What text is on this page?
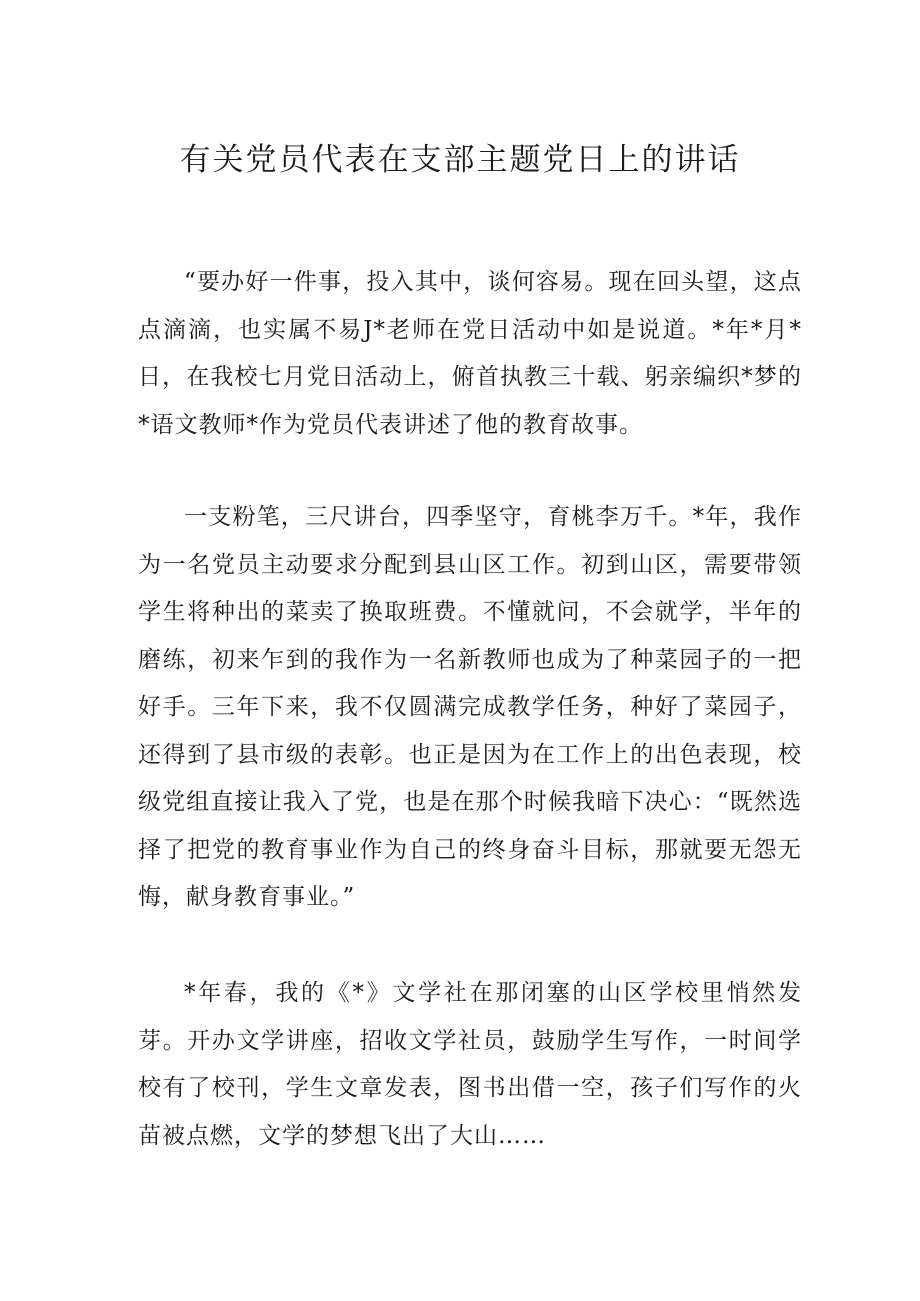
有关党员代表在支部主题党日上的讲话

“要办好一件事，投入其中，谈何容易。现在回头望，这点点滴滴，也实属不易J*老师在党日活动中如是说道。*年*月*日，在我校七月党日活动上，俯首执教三十载、躬亲编织*梦的*语文教师*作为党员代表讲述了他的教育故事。

一支粉笔，三尺讲台，四季坚守，育桃李万千。*年，我作为一名党员主动要求分配到县山区工作。初到山区，需要带领学生将种出的菜卖了换取班费。不懂就问，不会就学，半年的磨练，初来乍到的我作为一名新教师也成为了种菜园子的一把好手。三年下来，我不仅圆满完成教学任务，种好了菜园子，还得到了县市级的表彰。也正是因为在工作上的出色表现，校级党组直接让我入了党，也是在那个时候我暗下决心：“既然选择了把党的教育事业作为自己的终身奋斗目标，那就要无怨无悔，献身教育事业。”

*年春，我的《*》文学社在那闭塞的山区学校里悄然发芽。开办文学讲座，招收文学社员，鼓励学生写作，一时间学校有了校刊，学生文章发表，图书出借一空，孩子们写作的火苗被点燃，文学的梦想飞出了大山……
